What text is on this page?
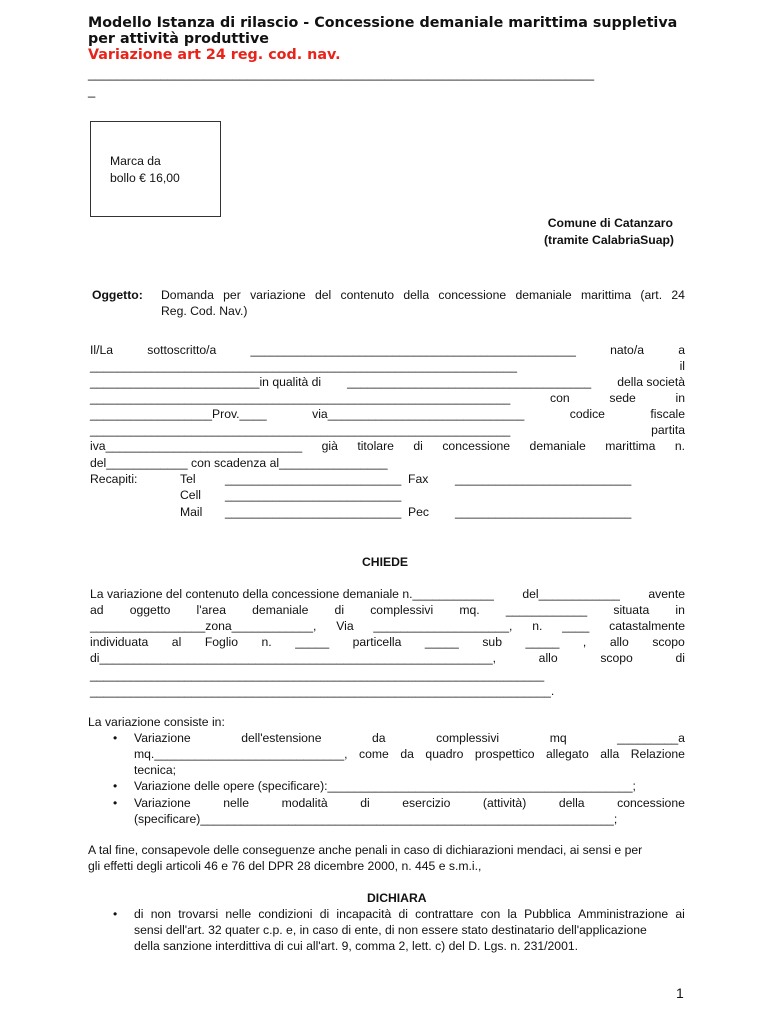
Modello Istanza di rilascio - Concessione demaniale marittima suppletiva
per attività produttive
Variazione art 24 reg. cod. nav.
______________________________________________________________________
_
Marca da
bollo € 16,00
Comune di Catanzaro
(tramite CalabriaSuap)
Oggetto: Domanda per variazione del contenuto della concessione demaniale marittima (art. 24
Reg. Cod. Nav.)
Il/La	sottoscritto/a	________________________________________________	nato/a	a
_______________________________________________________________	il
_________________________in qualità di ____________________________________ della società
______________________________________________________________	con	sede	in
__________________Prov.____	via_____________________________	codice	fiscale
______________________________________________________________	partita
iva_____________________________ già titolare di concessione demaniale marittima n.
del____________ con scadenza al________________
Recapiti:	Tel __________________________ Fax __________________________
Cell __________________________
Mail __________________________ Pec __________________________
CHIEDE
La variazione del contenuto della concessione demaniale n.____________ del____________ avente
ad oggetto l'area demaniale di complessivi mq. ____________ situata in
_________________zona____________, Via ____________________, n. ____ catastalmente
individuata al Foglio n. _____ particella _____ sub _____ , allo scopo
di__________________________________________________________,	allo	scopo	di
___________________________________________________________________
____________________________________________________________________.
La variazione consiste in:
• Variazione	dell'estensione	da	complessivi	mq	_________a
mq.____________________________, come da quadro prospettico allegato alla Relazione
tecnica;
• Variazione delle opere (specificare):_____________________________________________;
• Variazione	nelle	modalità	di	esercizio	(attività)	della	concessione
(specificare)_____________________________________________________________;
A tal fine, consapevole delle conseguenze anche penali in caso di dichiarazioni mendaci, ai sensi e per
gli effetti degli articoli 46 e 76 del DPR 28 dicembre 2000, n. 445 e s.m.i.,
DICHIARA
• di non trovarsi nelle condizioni di incapacità di contrattare con la Pubblica Amministrazione ai
sensi dell'art. 32 quater c.p. e, in caso di ente, di non essere stato destinatario dell'applicazione
della sanzione interdittiva di cui all'art. 9, comma 2, lett. c) del D. Lgs. n. 231/2001.
1
